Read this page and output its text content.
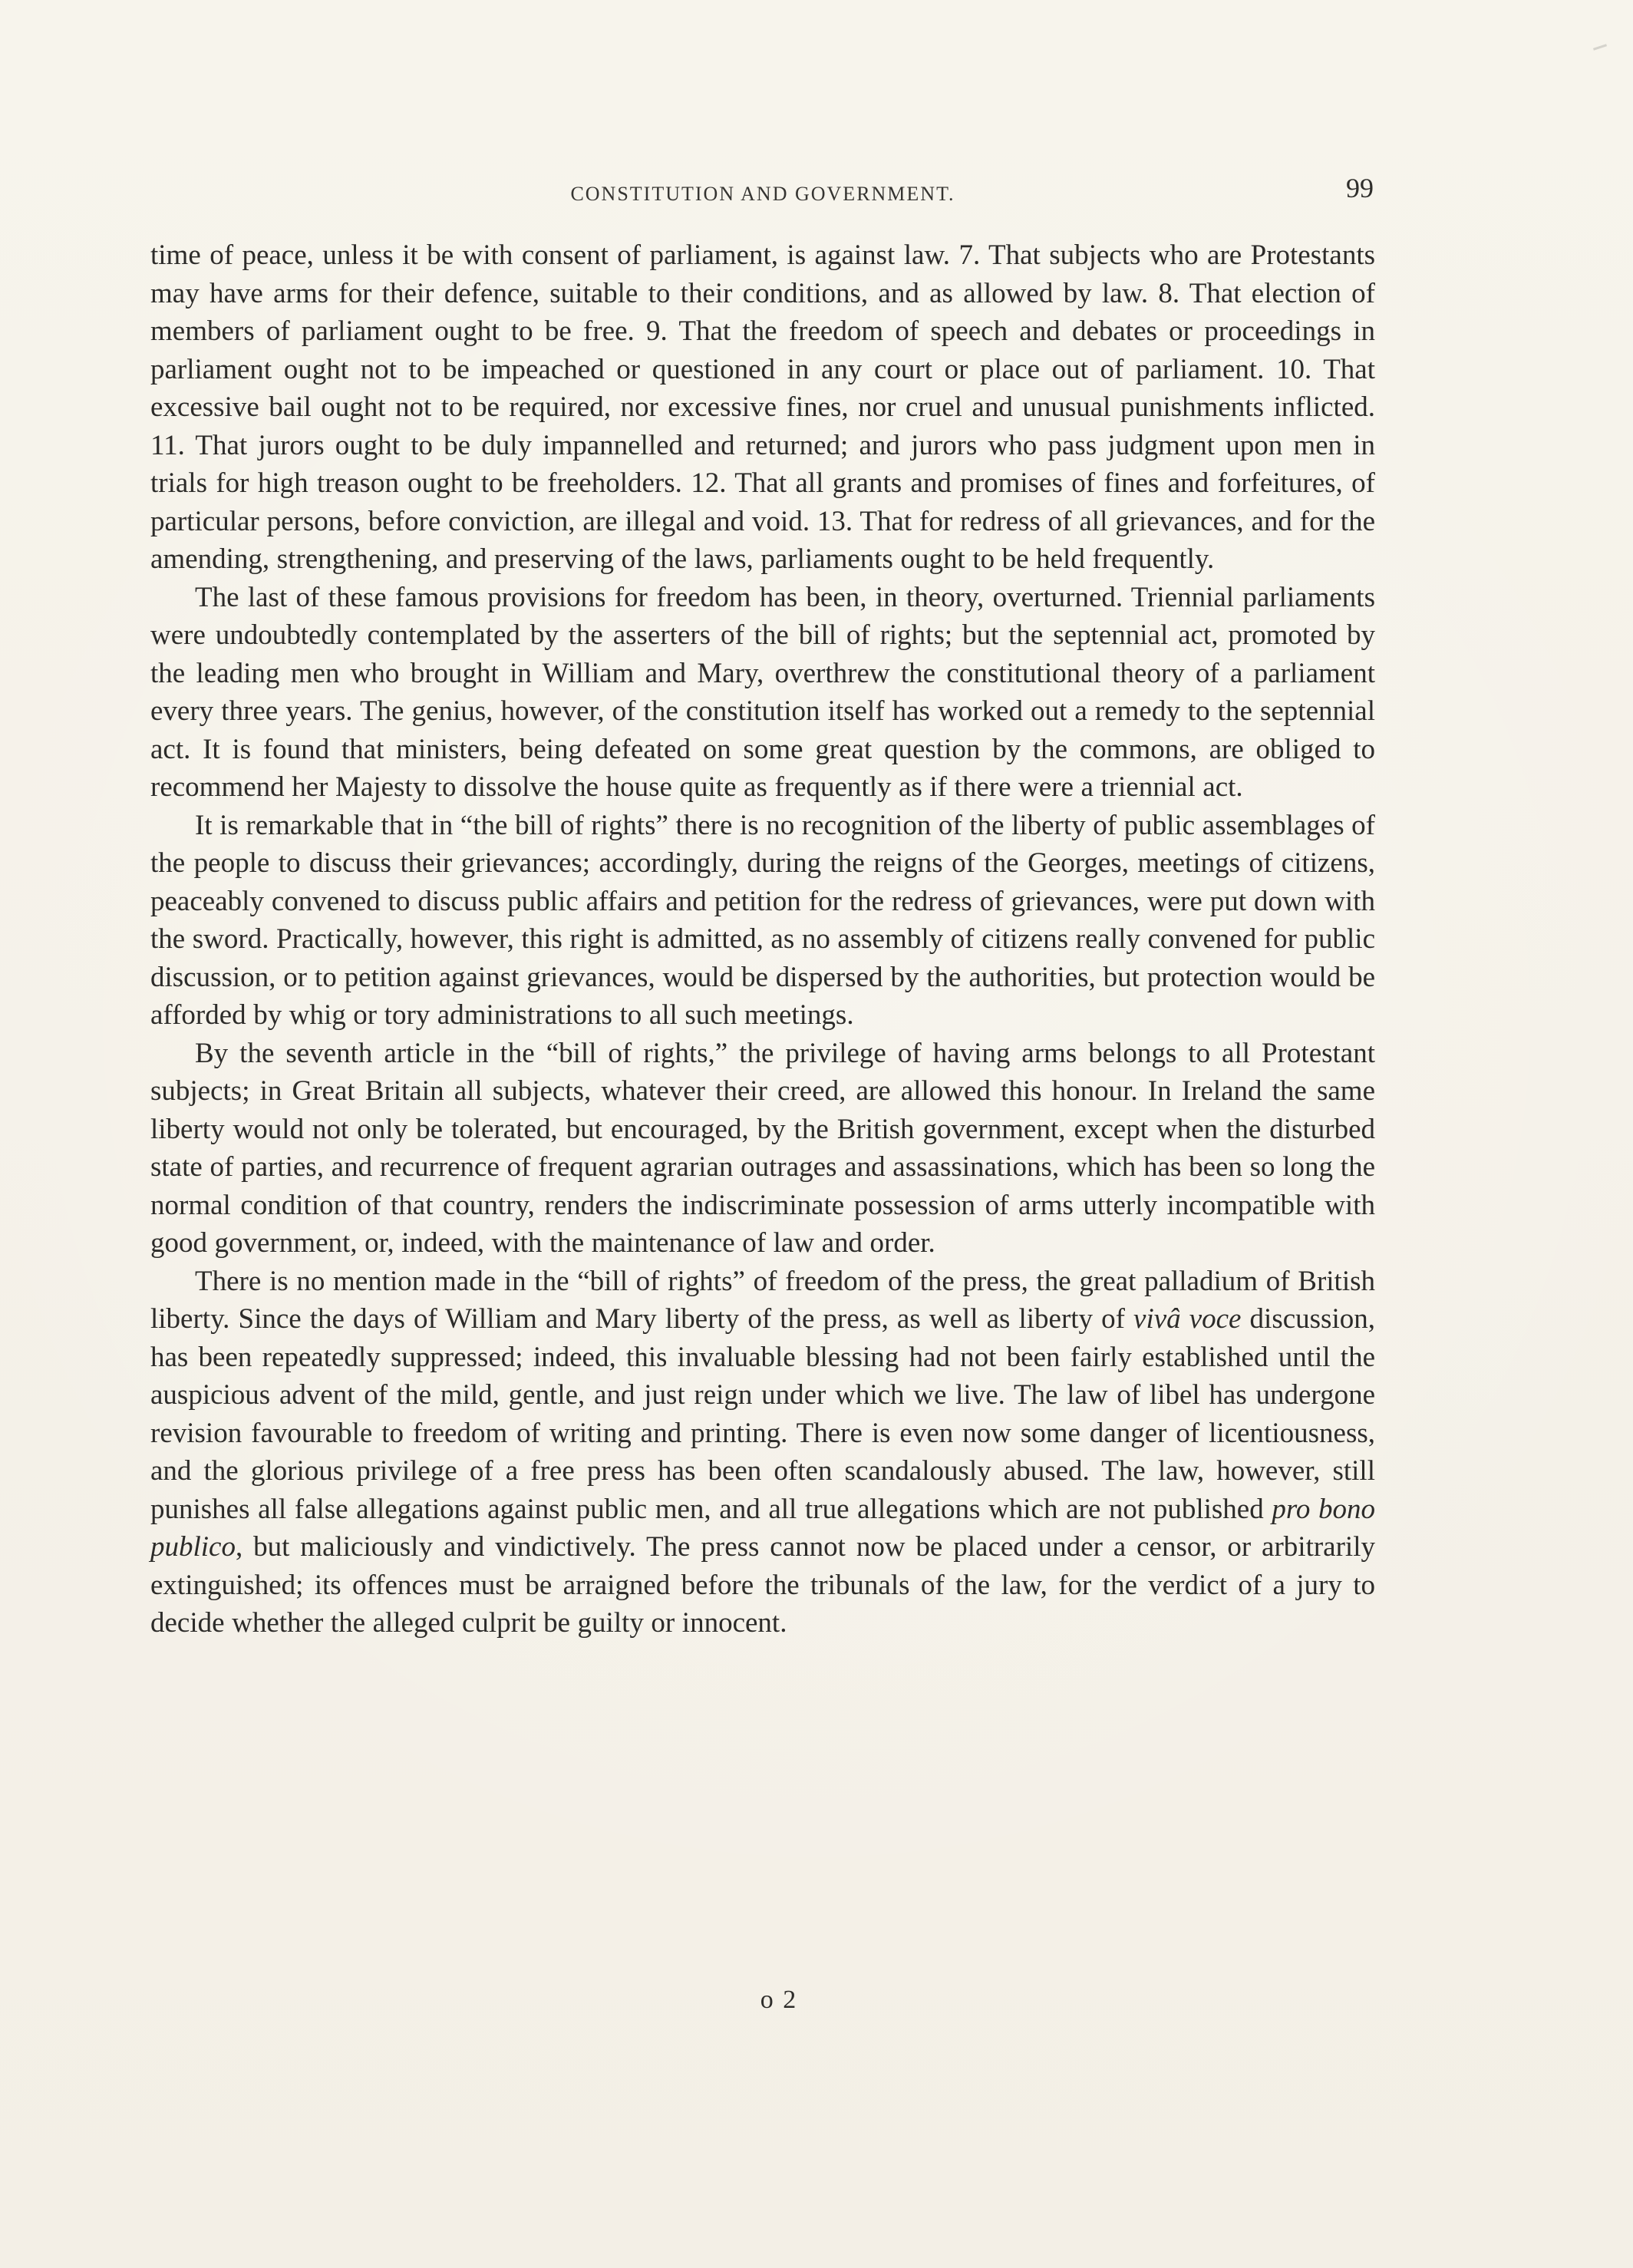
CONSTITUTION AND GOVERNMENT.	99

time of peace, unless it be with consent of parliament, is against law. 7. That subjects who are Protestants may have arms for their defence, suitable to their conditions, and as allowed by law. 8. That election of members of parliament ought to be free. 9. That the freedom of speech and debates or proceedings in parliament ought not to be impeached or questioned in any court or place out of parliament. 10. That excessive bail ought not to be required, nor excessive fines, nor cruel and unusual punishments inflicted. 11. That jurors ought to be duly impannelled and returned; and jurors who pass judgment upon men in trials for high treason ought to be freeholders. 12. That all grants and promises of fines and forfeitures, of particular persons, before conviction, are illegal and void. 13. That for redress of all grievances, and for the amending, strengthening, and preserving of the laws, parliaments ought to be held frequently.

The last of these famous provisions for freedom has been, in theory, overturned. Triennial parliaments were undoubtedly contemplated by the asserters of the bill of rights; but the septennial act, promoted by the leading men who brought in William and Mary, overthrew the constitutional theory of a parliament every three years. The genius, however, of the constitution itself has worked out a remedy to the septennial act. It is found that ministers, being defeated on some great question by the commons, are obliged to recommend her Majesty to dissolve the house quite as frequently as if there were a triennial act.

It is remarkable that in “the bill of rights” there is no recognition of the liberty of public assemblages of the people to discuss their grievances; accordingly, during the reigns of the Georges, meetings of citizens, peaceably convened to discuss public affairs and petition for the redress of grievances, were put down with the sword. Practically, however, this right is admitted, as no assembly of citizens really convened for public discussion, or to petition against grievances, would be dispersed by the authorities, but protection would be afforded by whig or tory administrations to all such meetings.

By the seventh article in the “bill of rights,” the privilege of having arms belongs to all Protestant subjects; in Great Britain all subjects, whatever their creed, are allowed this honour. In Ireland the same liberty would not only be tolerated, but encouraged, by the British government, except when the disturbed state of parties, and recurrence of frequent agrarian outrages and assassinations, which has been so long the normal condition of that country, renders the indiscriminate possession of arms utterly incompatible with good government, or, indeed, with the maintenance of law and order.

There is no mention made in the “bill of rights” of freedom of the press, the great palladium of British liberty. Since the days of William and Mary liberty of the press, as well as liberty of vivâ voce discussion, has been repeatedly suppressed; indeed, this invaluable blessing had not been fairly established until the auspicious advent of the mild, gentle, and just reign under which we live. The law of libel has undergone revision favourable to freedom of writing and printing. There is even now some danger of licentiousness, and the glorious privilege of a free press has been often scandalously abused. The law, however, still punishes all false allegations against public men, and all true allegations which are not published pro bono publico, but maliciously and vindictively. The press cannot now be placed under a censor, or arbitrarily extinguished; its offences must be arraigned before the tribunals of the law, for the verdict of a jury to decide whether the alleged culprit be guilty or innocent.

o 2
